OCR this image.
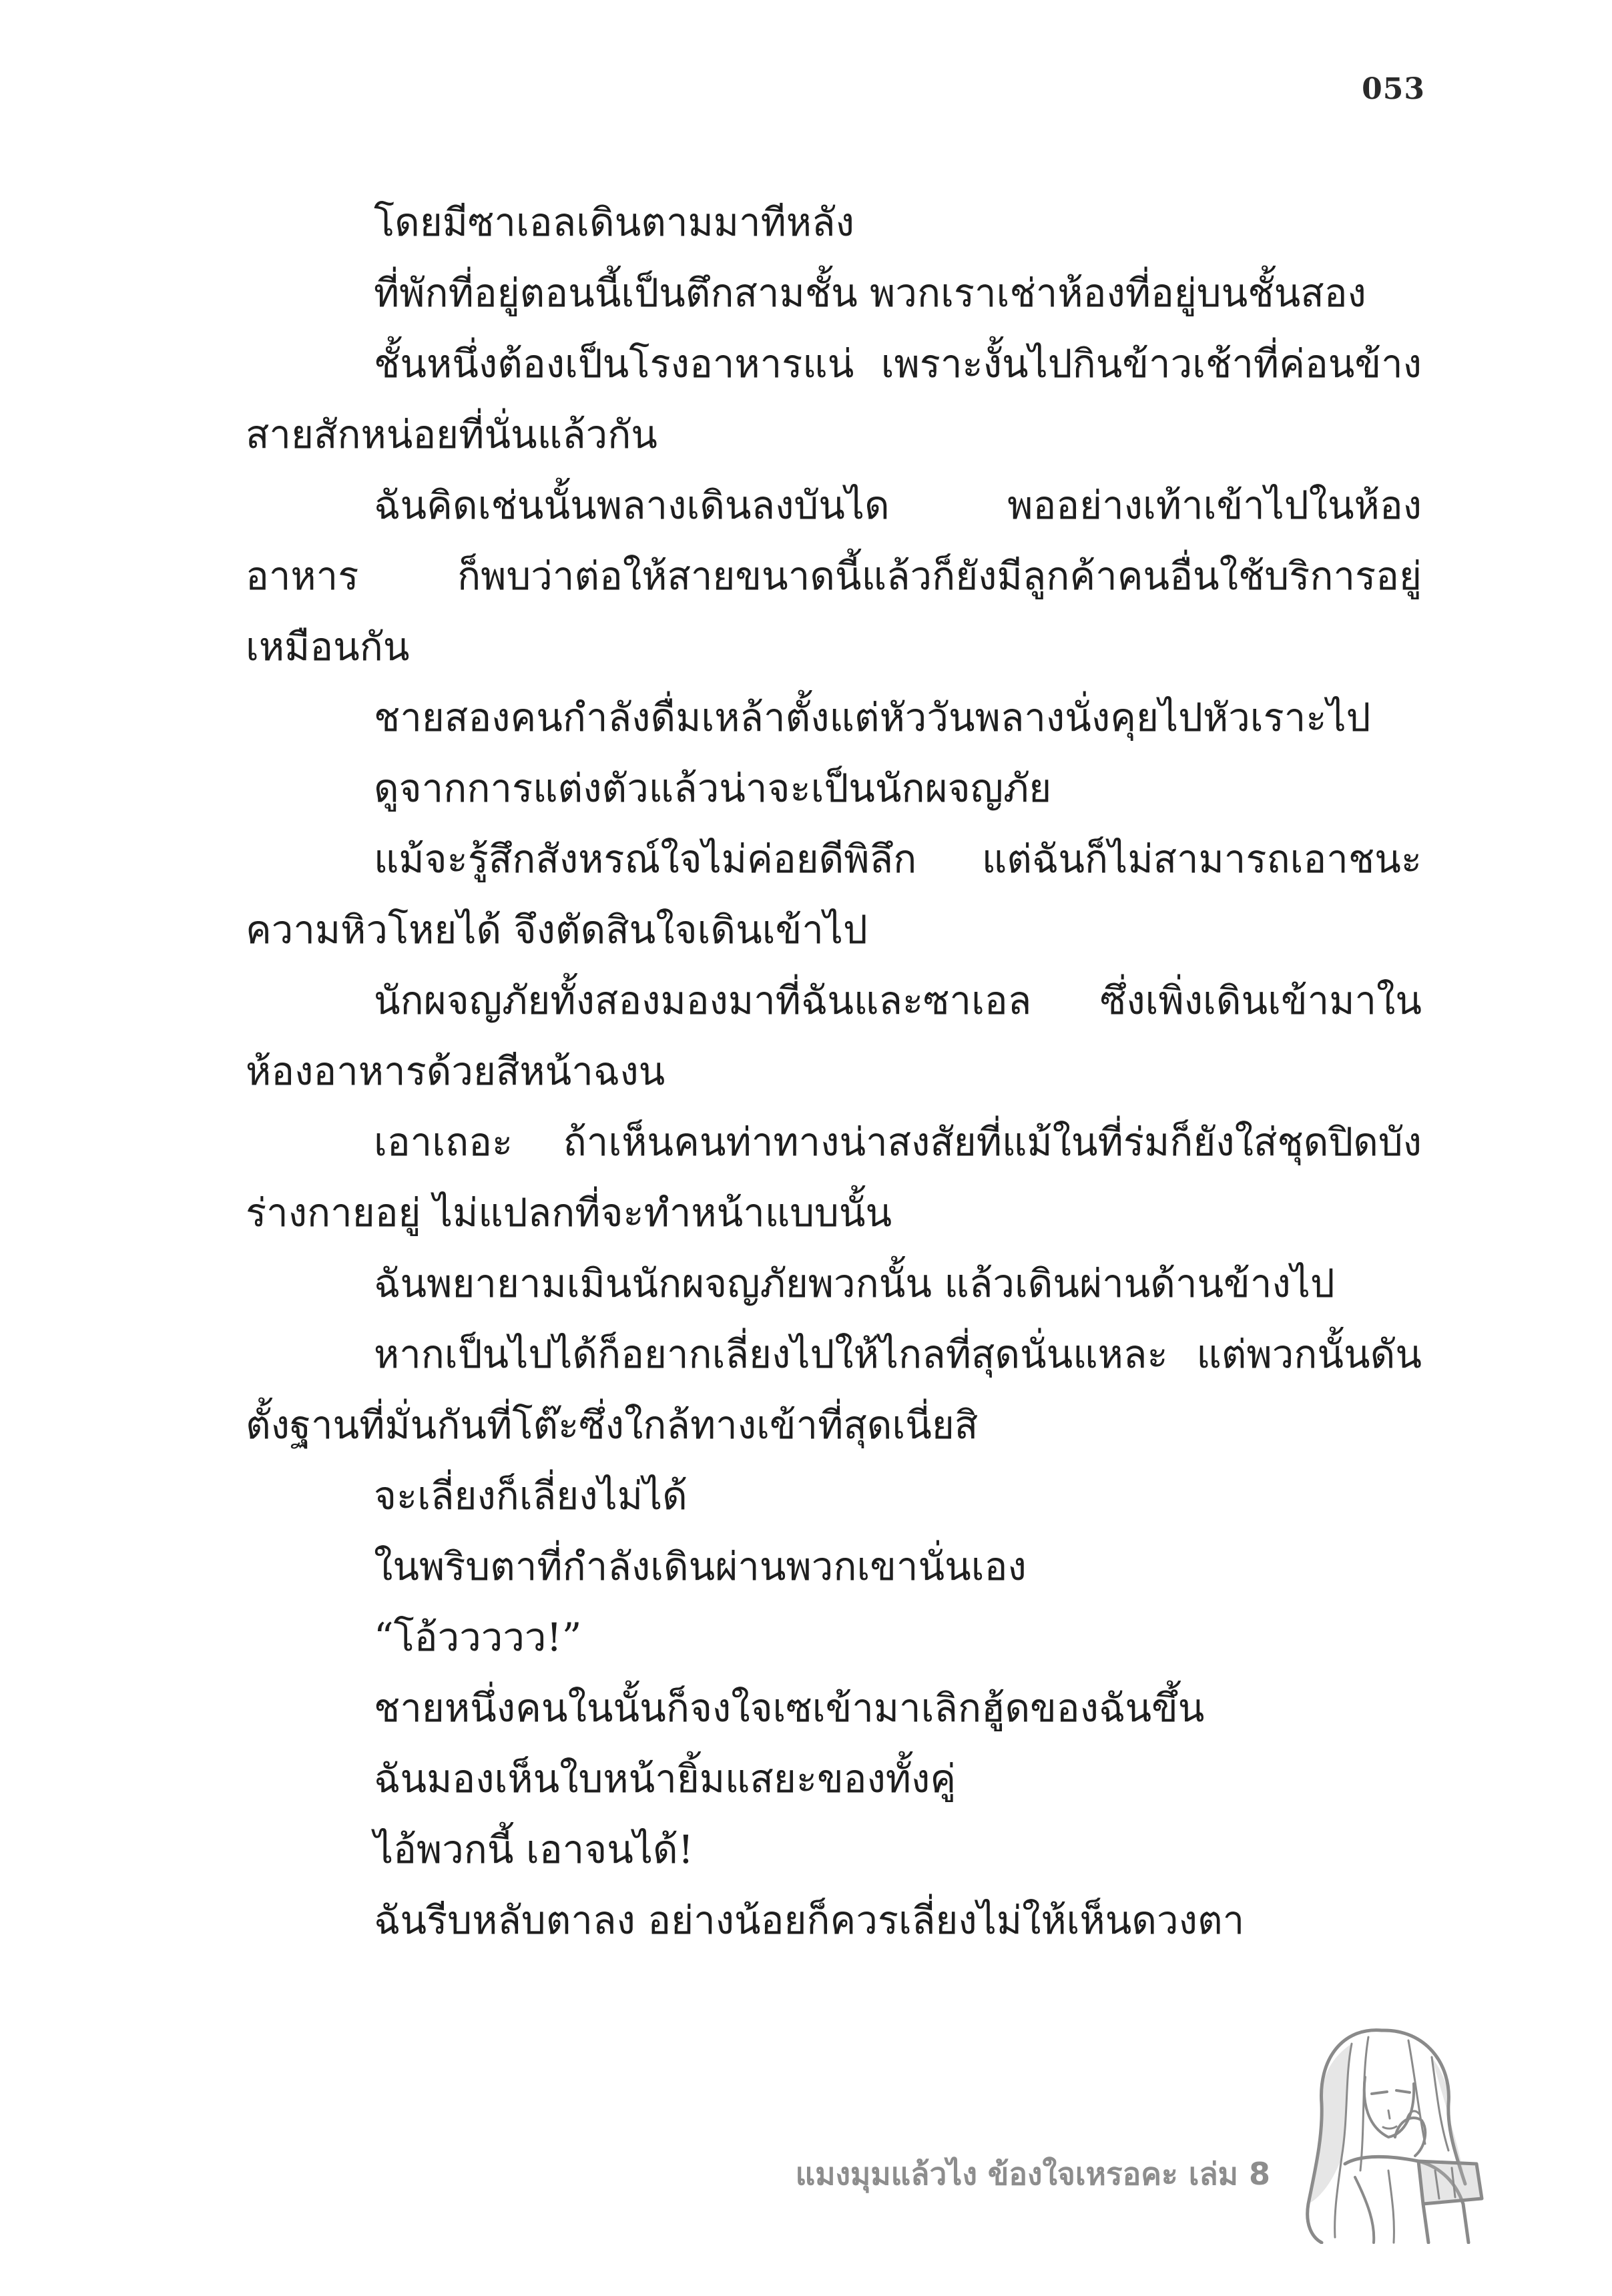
053

โดยมีซาเอลเดินตามมาทีหลัง

ที่พักที่อยู่ตอนนี้เป็นตึกสามชั้น พวกเราเช่าห้องที่อยู่บนชั้นสอง

ชั้นหนึ่งต้องเป็นโรงอาหารแน่ เพราะงั้นไปกินข้าวเช้าที่ค่อนข้างสายสักหน่อยที่นั่นแล้วกัน

ฉันคิดเช่นนั้นพลางเดินลงบันได พออย่างเท้าเข้าไปในห้องอาหาร ก็พบว่าต่อให้สายขนาดนี้แล้วก็ยังมีลูกค้าคนอื่นใช้บริการอยู่เหมือนกัน

ชายสองคนกำลังดื่มเหล้าตั้งแต่หัววันพลางนั่งคุยไปหัวเราะไป

ดูจากการแต่งตัวแล้วน่าจะเป็นนักผจญภัย

แม้จะรู้สึกสังหรณ์ใจไม่ค่อยดีพิลึก แต่ฉันก็ไม่สามารถเอาชนะความหิวโหยได้ จึงตัดสินใจเดินเข้าไป

นักผจญภัยทั้งสองมองมาที่ฉันและซาเอล ซึ่งเพิ่งเดินเข้ามาในห้องอาหารด้วยสีหน้าฉงน

เอาเถอะ ถ้าเห็นคนท่าทางน่าสงสัยที่แม้ในที่ร่มก็ยังใส่ชุดปิดบังร่างกายอยู่ ไม่แปลกที่จะทำหน้าแบบนั้น

ฉันพยายามเมินนักผจญภัยพวกนั้น แล้วเดินผ่านด้านข้างไป

หากเป็นไปได้ก็อยากเลี่ยงไปให้ไกลที่สุดนั่นแหละ แต่พวกนั้นดันตั้งฐานที่มั่นกันที่โต๊ะซึ่งใกล้ทางเข้าที่สุดเนี่ยสิ

จะเลี่ยงก็เลี่ยงไม่ได้

ในพริบตาที่กำลังเดินผ่านพวกเขานั่นเอง

“โอ้ววววว!”

ชายหนึ่งคนในนั้นก็จงใจเซเข้ามาเลิกฮู้ดของฉันขึ้น

ฉันมองเห็นใบหน้ายิ้มแสยะของทั้งคู่

ไอ้พวกนี้ เอาจนได้!

ฉันรีบหลับตาลง อย่างน้อยก็ควรเลี่ยงไม่ให้เห็นดวงตา

แมงมุมแล้วไง ข้องใจเหรอคะ เล่ม 8
